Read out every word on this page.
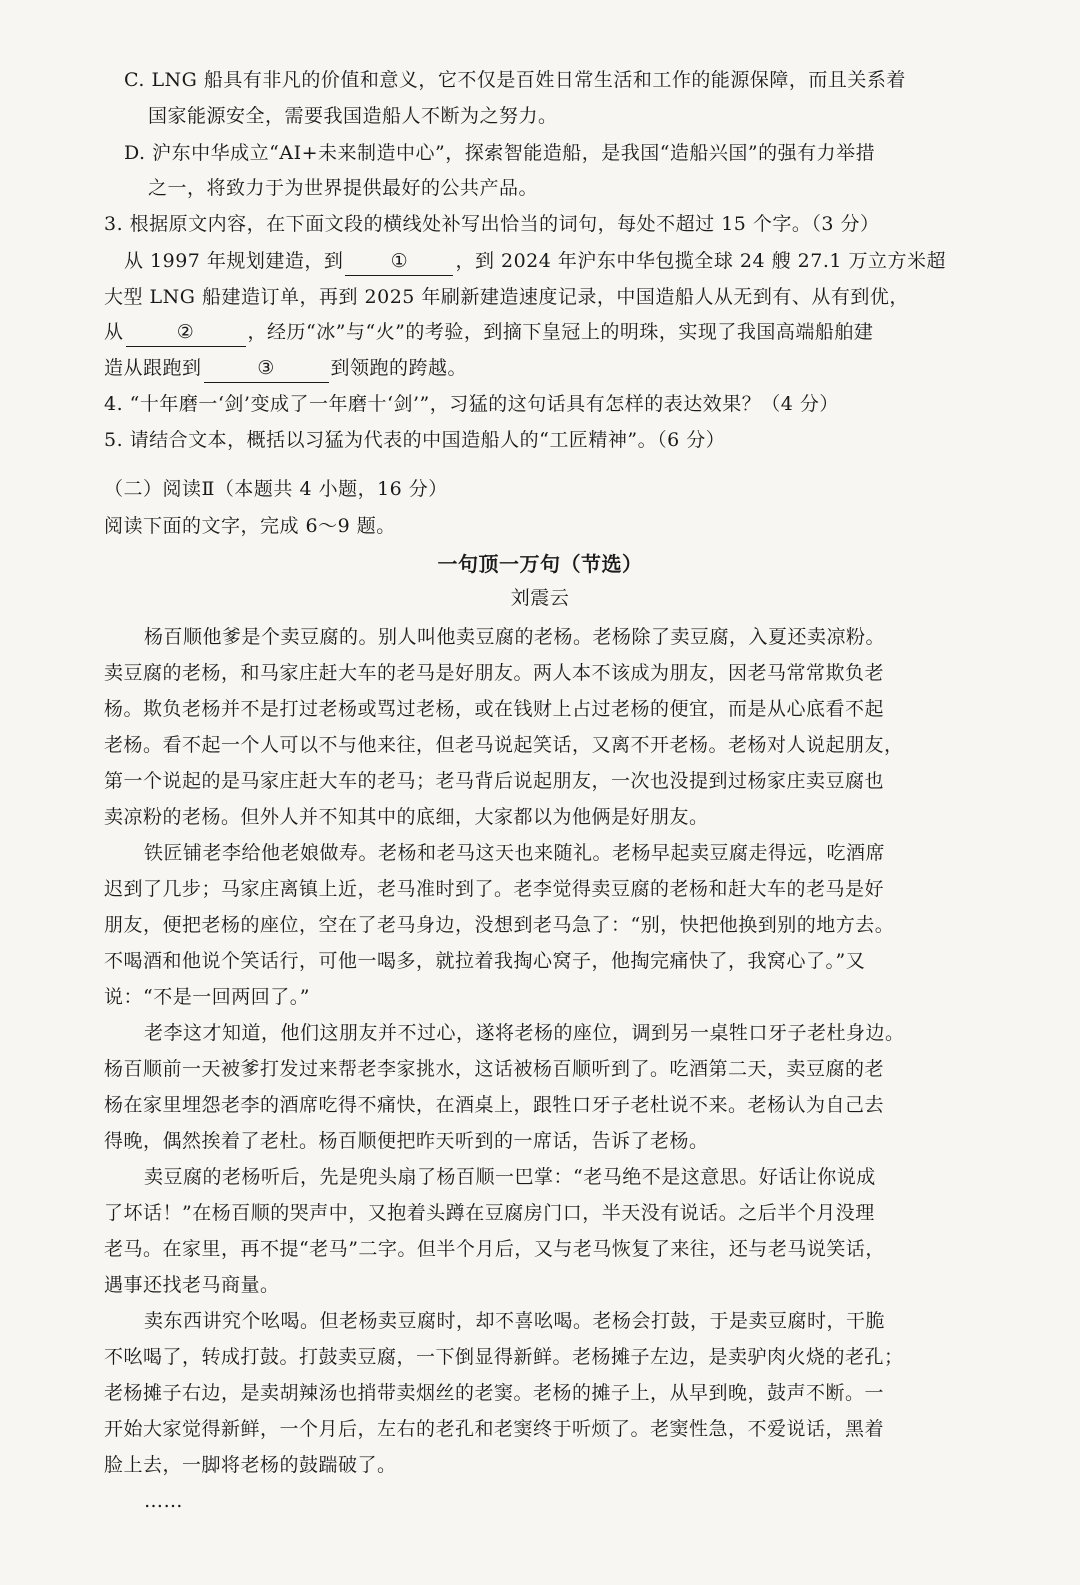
C. LNG 船具有非凡的价值和意义，它不仅是百姓日常生活和工作的能源保障，而且关系着
国家能源安全，需要我国造船人不断为之努力。
D. 沪东中华成立“AI+未来制造中心”，探索智能造船，是我国“造船兴国”的强有力举措
之一，将致力于为世界提供最好的公共产品。
3. 根据原文内容，在下面文段的横线处补写出恰当的词句，每处不超过 15 个字。（3 分）
从 1997 年规划建造，到 ① ，到 2024 年沪东中华包揽全球 24 艘 27.1 万立方米超
大型 LNG 船建造订单，再到 2025 年刷新建造速度记录，中国造船人从无到有、从有到优，
从	②	，经历“冰”与“火”的考验，到摘下皇冠上的明珠，实现了我国高端船舶建
造从跟跑到	③	到领跑的跨越。
4. “十年磨一‘剑’变成了一年磨十‘剑’”，习猛的这句话具有怎样的表达效果？（4 分）
5. 请结合文本，概括以习猛为代表的中国造船人的“工匠精神”。（6 分）
（二）阅读Ⅱ（本题共 4 小题，16 分）
阅读下面的文字，完成 6～9 题。
一句顶一万句（节选）
刘震云
杨百顺他爹是个卖豆腐的。别人叫他卖豆腐的老杨。老杨除了卖豆腐，入夏还卖凉粉。
卖豆腐的老杨，和马家庄赶大车的老马是好朋友。两人本不该成为朋友，因老马常常欺负老
杨。欺负老杨并不是打过老杨或骂过老杨，或在钱财上占过老杨的便宜，而是从心底看不起
老杨。看不起一个人可以不与他来往，但老马说起笑话，又离不开老杨。老杨对人说起朋友，
第一个说起的是马家庄赶大车的老马；老马背后说起朋友，一次也没提到过杨家庄卖豆腐也
卖凉粉的老杨。但外人并不知其中的底细，大家都以为他俩是好朋友。
铁匠铺老李给他老娘做寿。老杨和老马这天也来随礼。老杨早起卖豆腐走得远，吃酒席
迟到了几步；马家庄离镇上近，老马准时到了。老李觉得卖豆腐的老杨和赶大车的老马是好
朋友，便把老杨的座位，空在了老马身边，没想到老马急了：“别，快把他换到别的地方去。
不喝酒和他说个笑话行，可他一喝多，就拉着我掏心窝子，他掏完痛快了，我窝心了。”又
说：“不是一回两回了。”
老李这才知道，他们这朋友并不过心，遂将老杨的座位，调到另一桌牲口牙子老杜身边。
杨百顺前一天被爹打发过来帮老李家挑水，这话被杨百顺听到了。吃酒第二天，卖豆腐的老
杨在家里埋怨老李的酒席吃得不痛快，在酒桌上，跟牲口牙子老杜说不来。老杨认为自己去
得晚，偶然挨着了老杜。杨百顺便把昨天听到的一席话，告诉了老杨。
卖豆腐的老杨听后，先是兜头扇了杨百顺一巴掌：“老马绝不是这意思。好话让你说成
了坏话！”在杨百顺的哭声中，又抱着头蹲在豆腐房门口，半天没有说话。之后半个月没理
老马。在家里，再不提“老马”二字。但半个月后，又与老马恢复了来往，还与老马说笑话，
遇事还找老马商量。
卖东西讲究个吆喝。但老杨卖豆腐时，却不喜吆喝。老杨会打鼓，于是卖豆腐时，干脆
不吆喝了，转成打鼓。打鼓卖豆腐，一下倒显得新鲜。老杨摊子左边，是卖驴肉火烧的老孔；
老杨摊子右边，是卖胡辣汤也捎带卖烟丝的老窦。老杨的摊子上，从早到晚，鼓声不断。一
开始大家觉得新鲜，一个月后，左右的老孔和老窦终于听烦了。老窦性急，不爱说话，黑着
脸上去，一脚将老杨的鼓踹破了。
……
